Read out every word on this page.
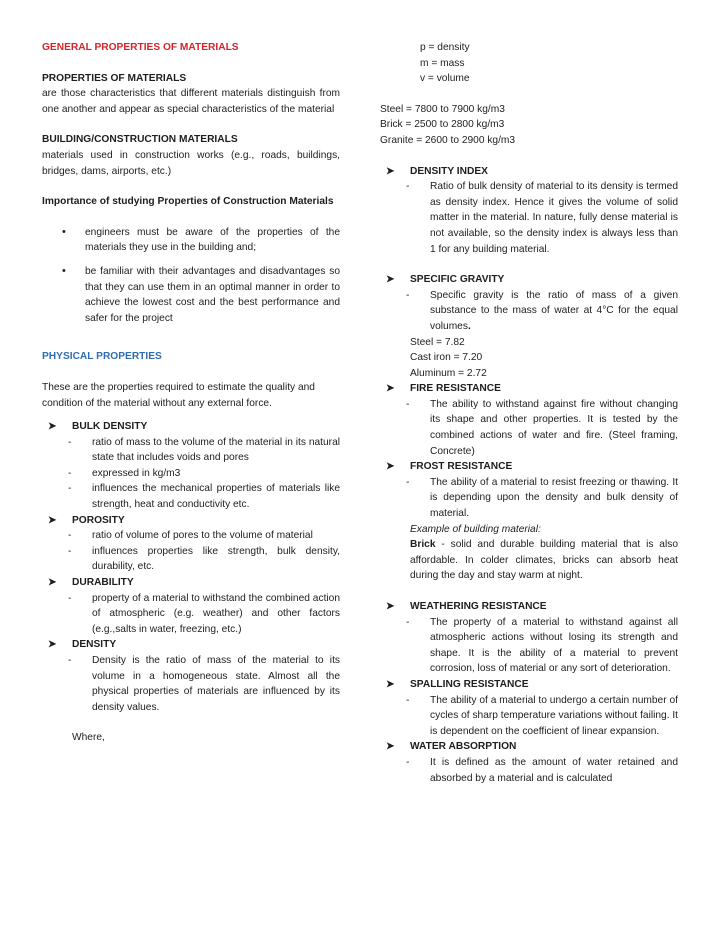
GENERAL PROPERTIES OF MATERIALS

PROPERTIES OF MATERIALS

are those characteristics that different materials distinguish from one another and appear as special characteristics of the material

BUILDING/CONSTRUCTION MATERIALS

materials used in construction works (e.g., roads, buildings, bridges, dams, airports, etc.)

Importance of studying Properties of Construction Materials

•	engineers must be aware of the properties of the materials they use in the building and;
•	be familiar with their advantages and disadvantages so that they can use them in an optimal manner in order to achieve the lowest cost and the best performance and safer for the project

PHYSICAL PROPERTIES

These are the properties required to estimate the quality and condition of the material without any external force.

➤	BULK DENSITY
-	ratio of mass to the volume of the material in its natural state that includes voids and pores
-	expressed in kg/m3
-	influences the mechanical properties of materials like strength, heat and conductivity etc.
➤	POROSITY
-	ratio of volume of pores to the volume of material
-	influences properties like strength, bulk density, durability, etc.
➤	DURABILITY
-	property of a material to withstand the combined action of atmospheric (e.g. weather) and other factors (e.g.,salts in water, freezing, etc.)
➤	DENSITY
-	Density is the ratio of mass of the material to its volume in a homogeneous state. Almost all the physical properties of materials are influenced by its density values.

Where,

p = density

m = mass

v = volume

Steel = 7800 to 7900 kg/m3

Brick = 2500 to 2800 kg/m3

Granite = 2600 to 2900 kg/m3

➤	DENSITY INDEX
-	Ratio of bulk density of material to its density is termed as density index. Hence it gives the volume of solid matter in the material. In nature, fully dense material is not available, so the density index is always less than 1 for any building material.
➤	SPECIFIC GRAVITY
-	Specific gravity is the ratio of mass of a given substance to the mass of water at 4°C for the equal volumes.

Steel = 7.82

Cast iron = 7.20

Aluminum = 2.72

➤	FIRE RESISTANCE
-	The ability to withstand against fire without changing its shape and other properties. It is tested by the combined actions of water and fire. (Steel framing, Concrete)
➤	FROST RESISTANCE
-	The ability of a material to resist freezing or thawing. It is depending upon the density and bulk density of material.

Example of building material:

Brick - solid and durable building material that is also affordable. In colder climates, bricks can absorb heat during the day and stay warm at night.

➤	WEATHERING RESISTANCE
-	The property of a material to withstand against all atmospheric actions without losing its strength and shape. It is the ability of a material to prevent corrosion, loss of material or any sort of deterioration.
➤	SPALLING RESISTANCE
-	The ability of a material to undergo a certain number of cycles of sharp temperature variations without failing. It is dependent on the coefficient of linear expansion.
➤	WATER ABSORPTION
-	It is defined as the amount of water retained and absorbed by a material and is calculated
